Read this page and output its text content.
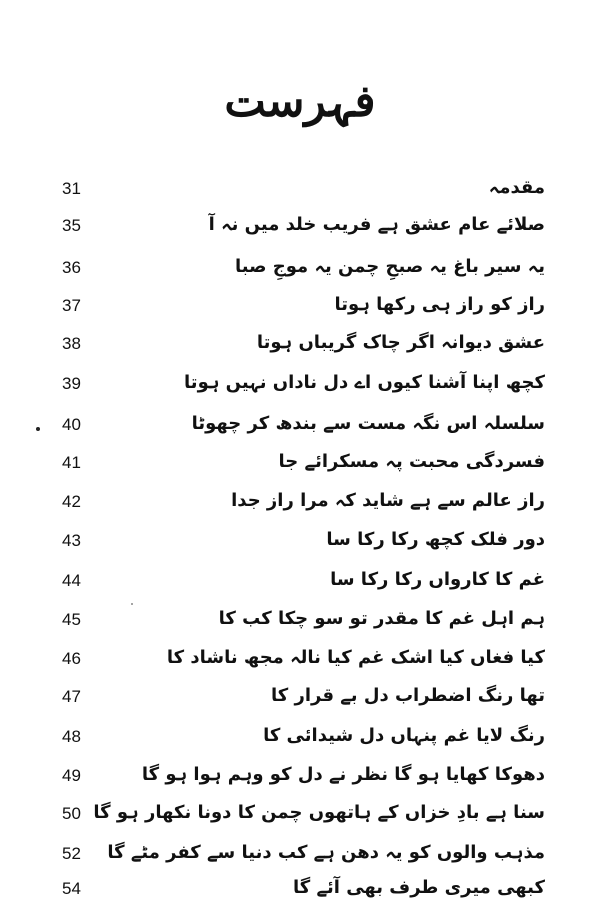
فہرست
31	مقدمہ
35	صلائے عام عشق ہے فریب خلد میں نہ آ
36	یہ سیر باغ یہ صبحِ چمن یہ موجِ صبا
37	راز کو راز ہی رکھا ہوتا
38	عشق دیوانہ اگر چاک گریباں ہوتا
39	کچھ اپنا آشنا کیوں اے دل ناداں نہیں ہوتا
40	سلسلہ اس نگہ مست سے بندھ کر چھوٹا
41	فسردگی محبت پہ مسکرائے جا
42	راز عالم سے ہے شاید کہ مرا راز جدا
43	دور فلک کچھ رکا رکا سا
44	غم کا کارواں رکا رکا سا
45	ہم اہل غم کا مقدر تو سو چکا کب کا
46	کیا فغاں کیا اشک غم کیا نالہ مجھ ناشاد کا
47	تھا رنگ اضطراب دل بے قرار کا
48	رنگ لایا غم پنہاں دل شیدائی کا
49	دھوکا کھایا ہو گا نظر نے دل کو وہم ہوا ہو گا
50 سنا ہے بادِ خزاں کے ہاتھوں چمن کا دونا نکھار ہو گا
52	مذہب والوں کو یہ دھن ہے کب دنیا سے کفر مٹے گا
54	کبھی میری طرف بھی آئے گا
